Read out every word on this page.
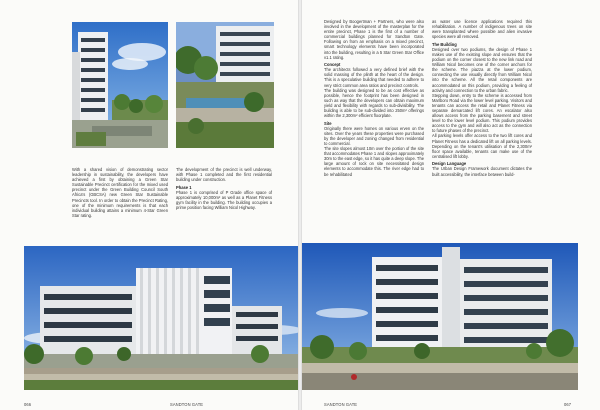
With a shared vision of demonstrating sector leadership in sustainability, the developers have achieved a first by obtaining a Green Star Sustainable Precinct certification for the mixed used precinct under the Green Building Council South Africa's (GBCSA) new Green Star Sustainable Precincts tool. In order to obtain the Precinct Rating, one of the minimum requirements is that each individual building attains a minimum 4-Star Green Star rating.

The development of the precinct is well underway, with Phase 1 completed and the first residential building under construction.

Phase 1

Phase 1 is comprised of P Grade office space of approximately 10,000m² as well as a Planet Fitness gym facility in the building. The building occupies a prime position facing William Nicol Highway.

066	SANDTON GATE

Designed by Boogertman + Partners, who were also involved in the development of the masterplan for the entire precinct, Phase 1 is the first of a number of commercial buildings planned for Sandton Gate. Following on from an emphasis on a mixed precinct, smart technology elements have been incorporated into the building, resulting in a 5 Star Green Star Office v1.1 rating.

Concept

The architects followed a very defined brief with the solid massing of the plinth at the heart of the design. This is a speculative building that needed to adhere to very strict common area ratios and precinct controls.

The building was designed to be as cost effective as possible, hence the footprint has been designed in such as way that the developers can obtain maximum yield and flexibility with regards to sub-divisibility. The building is able to be sub-divided into 250m² offerings within the 2,300m² efficient floorplate.

Site

Originally there were homes on various erven on the sites. Over the years these properties were purchased by the developer and zoning changed from residential to commercial.

The site slopes almost 10m over the portion of the site that accommodates Phase 1 and slopes approximately 30m to the east edge, so it has quite a deep slope. The large amount of rock on site necessitated design elements to accommodate this. The river edge had to be rehabilitated

as water use licence applications required this rehabilitation. A number of indigenous trees on site were transplanted where possible and alien invasive species were all removed.

The Building

Designed over two podiums, the design of Phase 1 makes use of the existing slope and ensures that the podium on the corner closest to the new link road and William Nicol becomes one of the corner anchors for the scheme. The piazza at the lower podium, connecting the use visually directly from William Nicol into the scheme. All the retail components are accommodated on this podium, providing a feeling of activity and connection to the urban fabric.

Stepping down, entry to the scheme is accessed from Marlboro Road via the lower level parking. Visitors and tenants can access the retail and Planet Fitness via separate demarcated lift cores. An escalator also allows access from the parking basement and street level to the lower level podium. This podium provides access to the gym and will also act as the connection to future phases of the precinct.

All parking levels offer access to the two lift cores and Planet Fitness has a dedicated lift on all parking levels. Depending on the tenant's utilisation of the 2,300m² floor space available, tenants can make use of the centralised lift lobby.

Design Language

The Urban Design Framework document dictates the built accessibility, the interface between build-

SANDTON GATE	067
